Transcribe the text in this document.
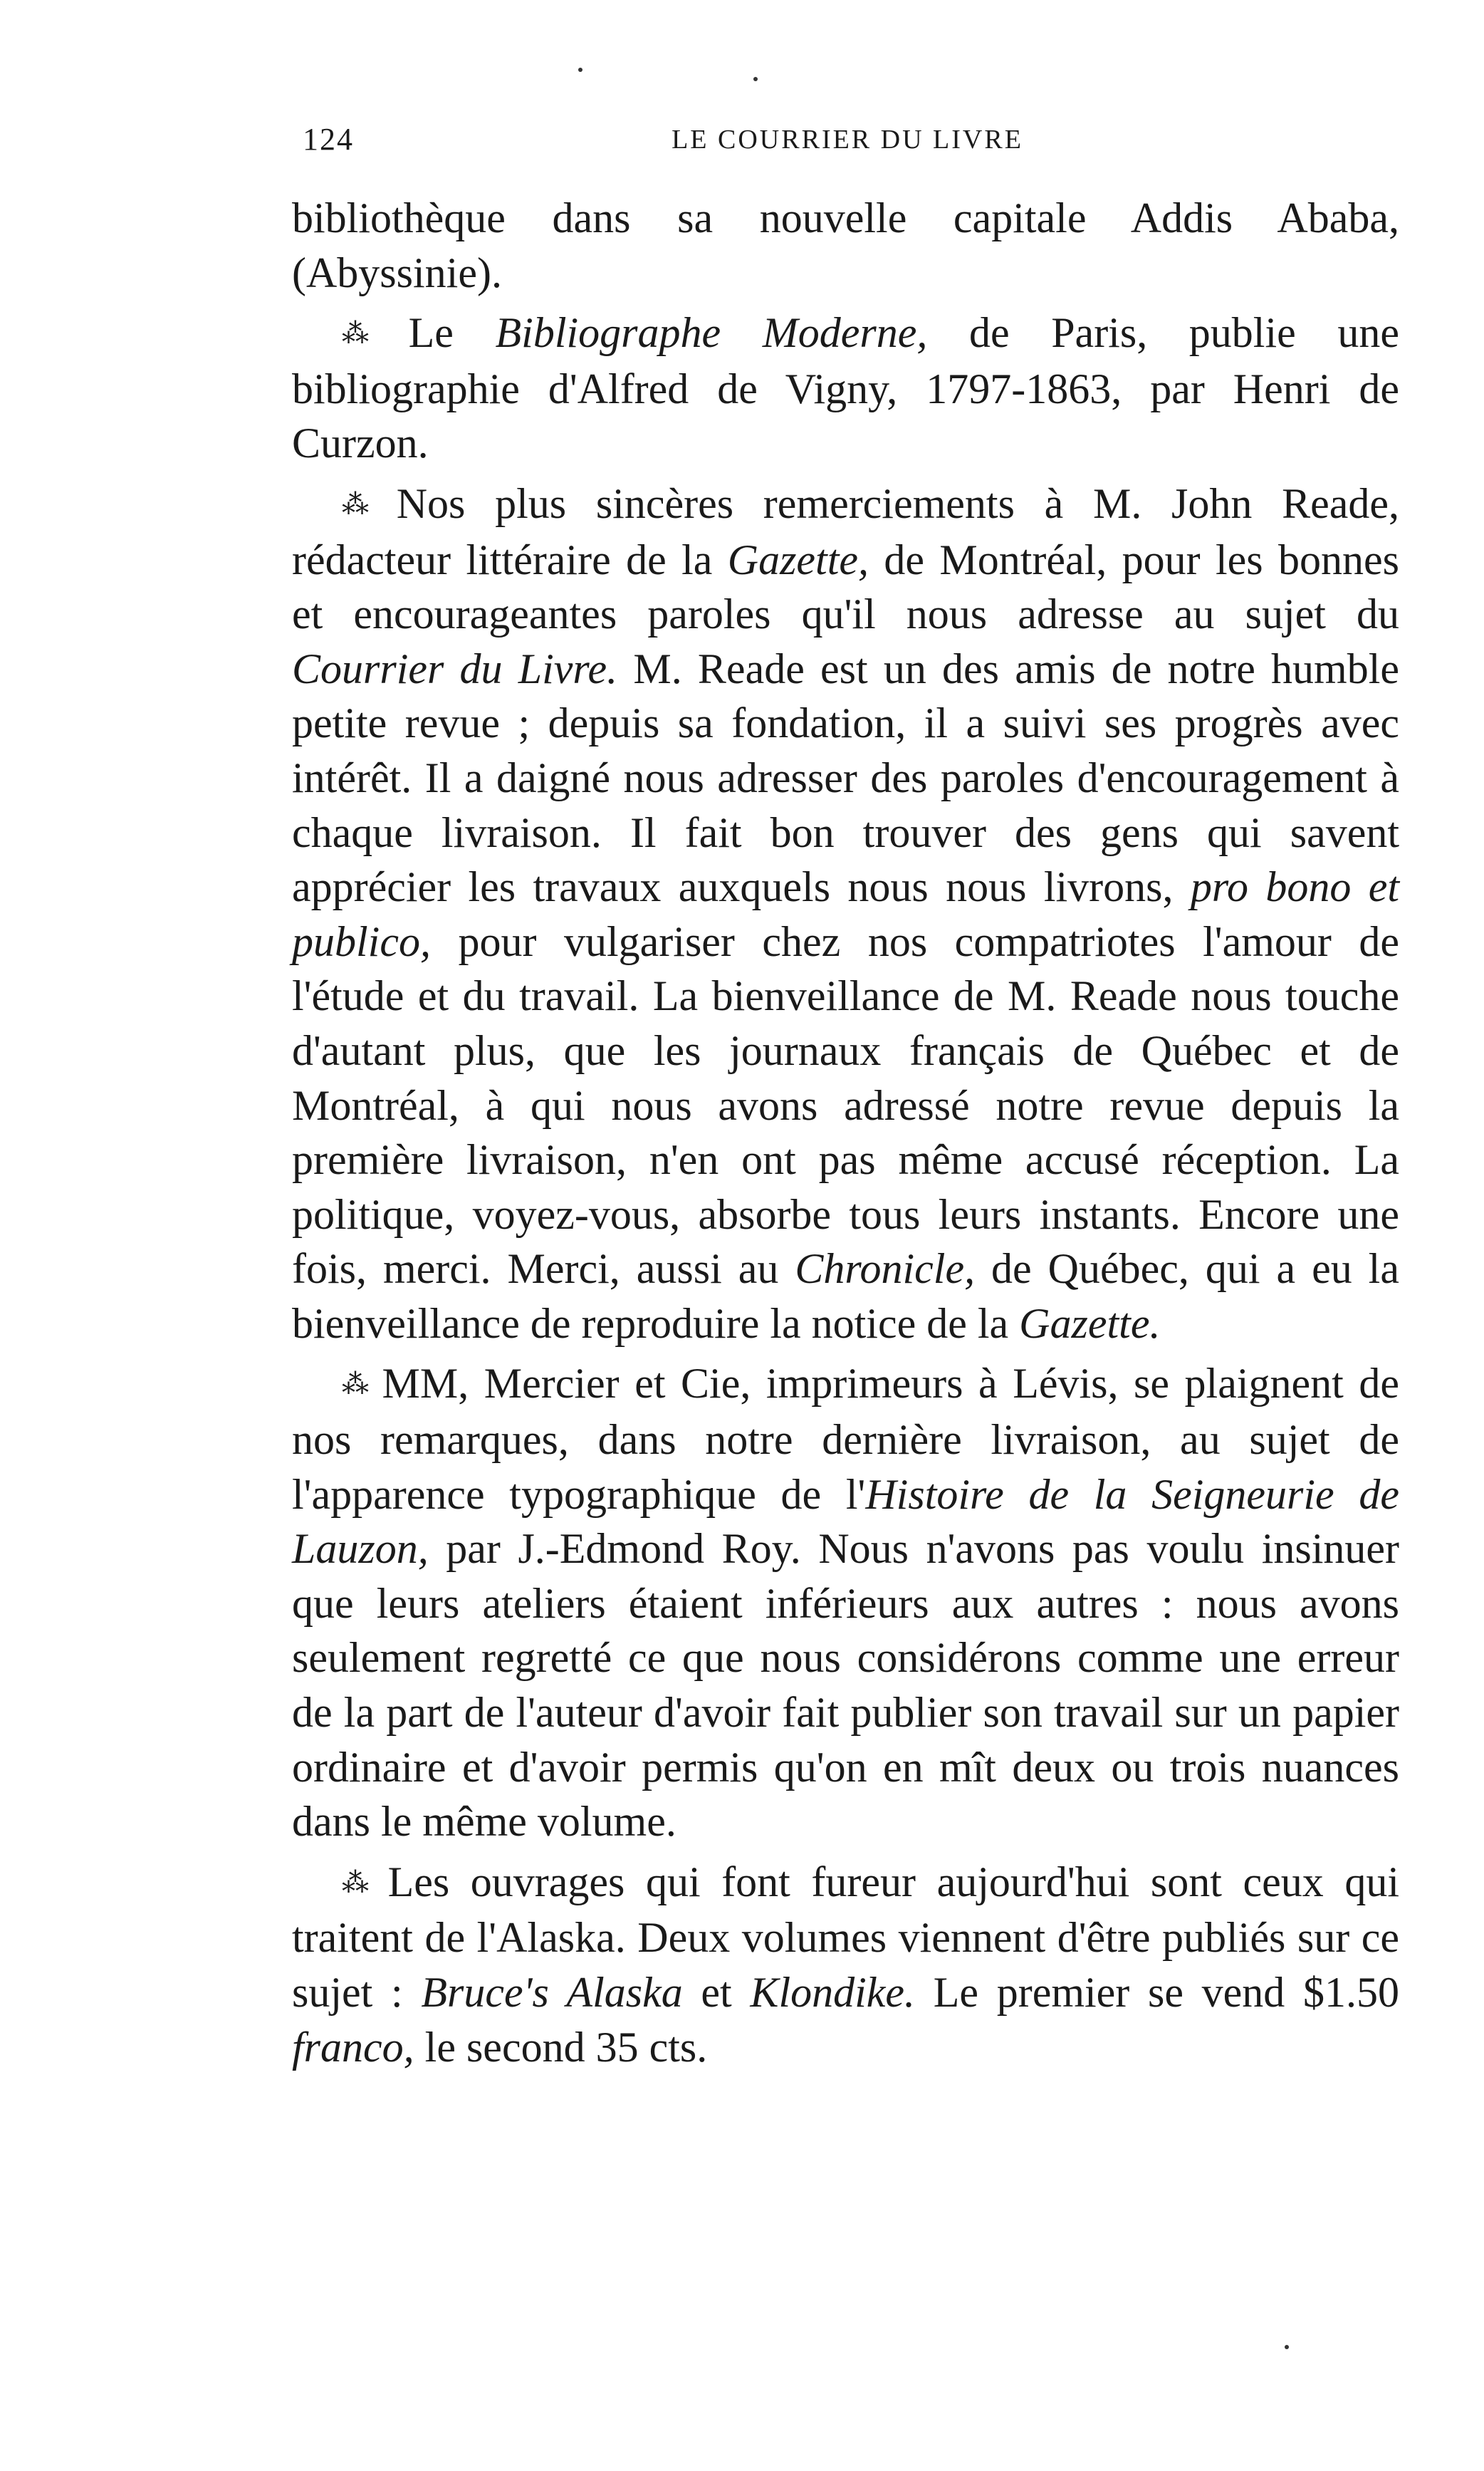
124	LE COURRIER DU LIVRE

bibliothèque dans sa nouvelle capitale Addis Ababa, (Abyssinie).

⁂ Le Bibliographe Moderne, de Paris, publie une bibliographie d'Alfred de Vigny, 1797-1863, par Henri de Curzon.

⁂ Nos plus sincères remerciements à M. John Reade, rédacteur littéraire de la Gazette, de Montréal, pour les bonnes et encourageantes paroles qu'il nous adresse au sujet du Courrier du Livre. M. Reade est un des amis de notre humble petite revue ; depuis sa fondation, il a suivi ses progrès avec intérêt. Il a daigné nous adresser des paroles d'encouragement à chaque livraison. Il fait bon trouver des gens qui savent apprécier les travaux auxquels nous nous livrons, pro bono et publico, pour vulgariser chez nos compatriotes l'amour de l'étude et du travail. La bienveillance de M. Reade nous touche d'autant plus, que les journaux français de Québec et de Montréal, à qui nous avons adressé notre revue depuis la première livraison, n'en ont pas même accusé réception. La politique, voyez-vous, absorbe tous leurs instants. Encore une fois, merci. Merci, aussi au Chronicle, de Québec, qui a eu la bienveillance de reproduire la notice de la Gazette.

⁂ MM, Mercier et Cie, imprimeurs à Lévis, se plaignent de nos remarques, dans notre dernière livraison, au sujet de l'apparence typographique de l'Histoire de la Seigneurie de Lauzon, par J.-Edmond Roy. Nous n'avons pas voulu insinuer que leurs ateliers étaient inférieurs aux autres : nous avons seulement regretté ce que nous considérons comme une erreur de la part de l'auteur d'avoir fait publier son travail sur un papier ordinaire et d'avoir permis qu'on en mît deux ou trois nuances dans le même volume.

⁂ Les ouvrages qui font fureur aujourd'hui sont ceux qui traitent de l'Alaska. Deux volumes viennent d'être publiés sur ce sujet : Bruce's Alaska et Klondike. Le premier se vend $1.50 franco, le second 35 cts.
